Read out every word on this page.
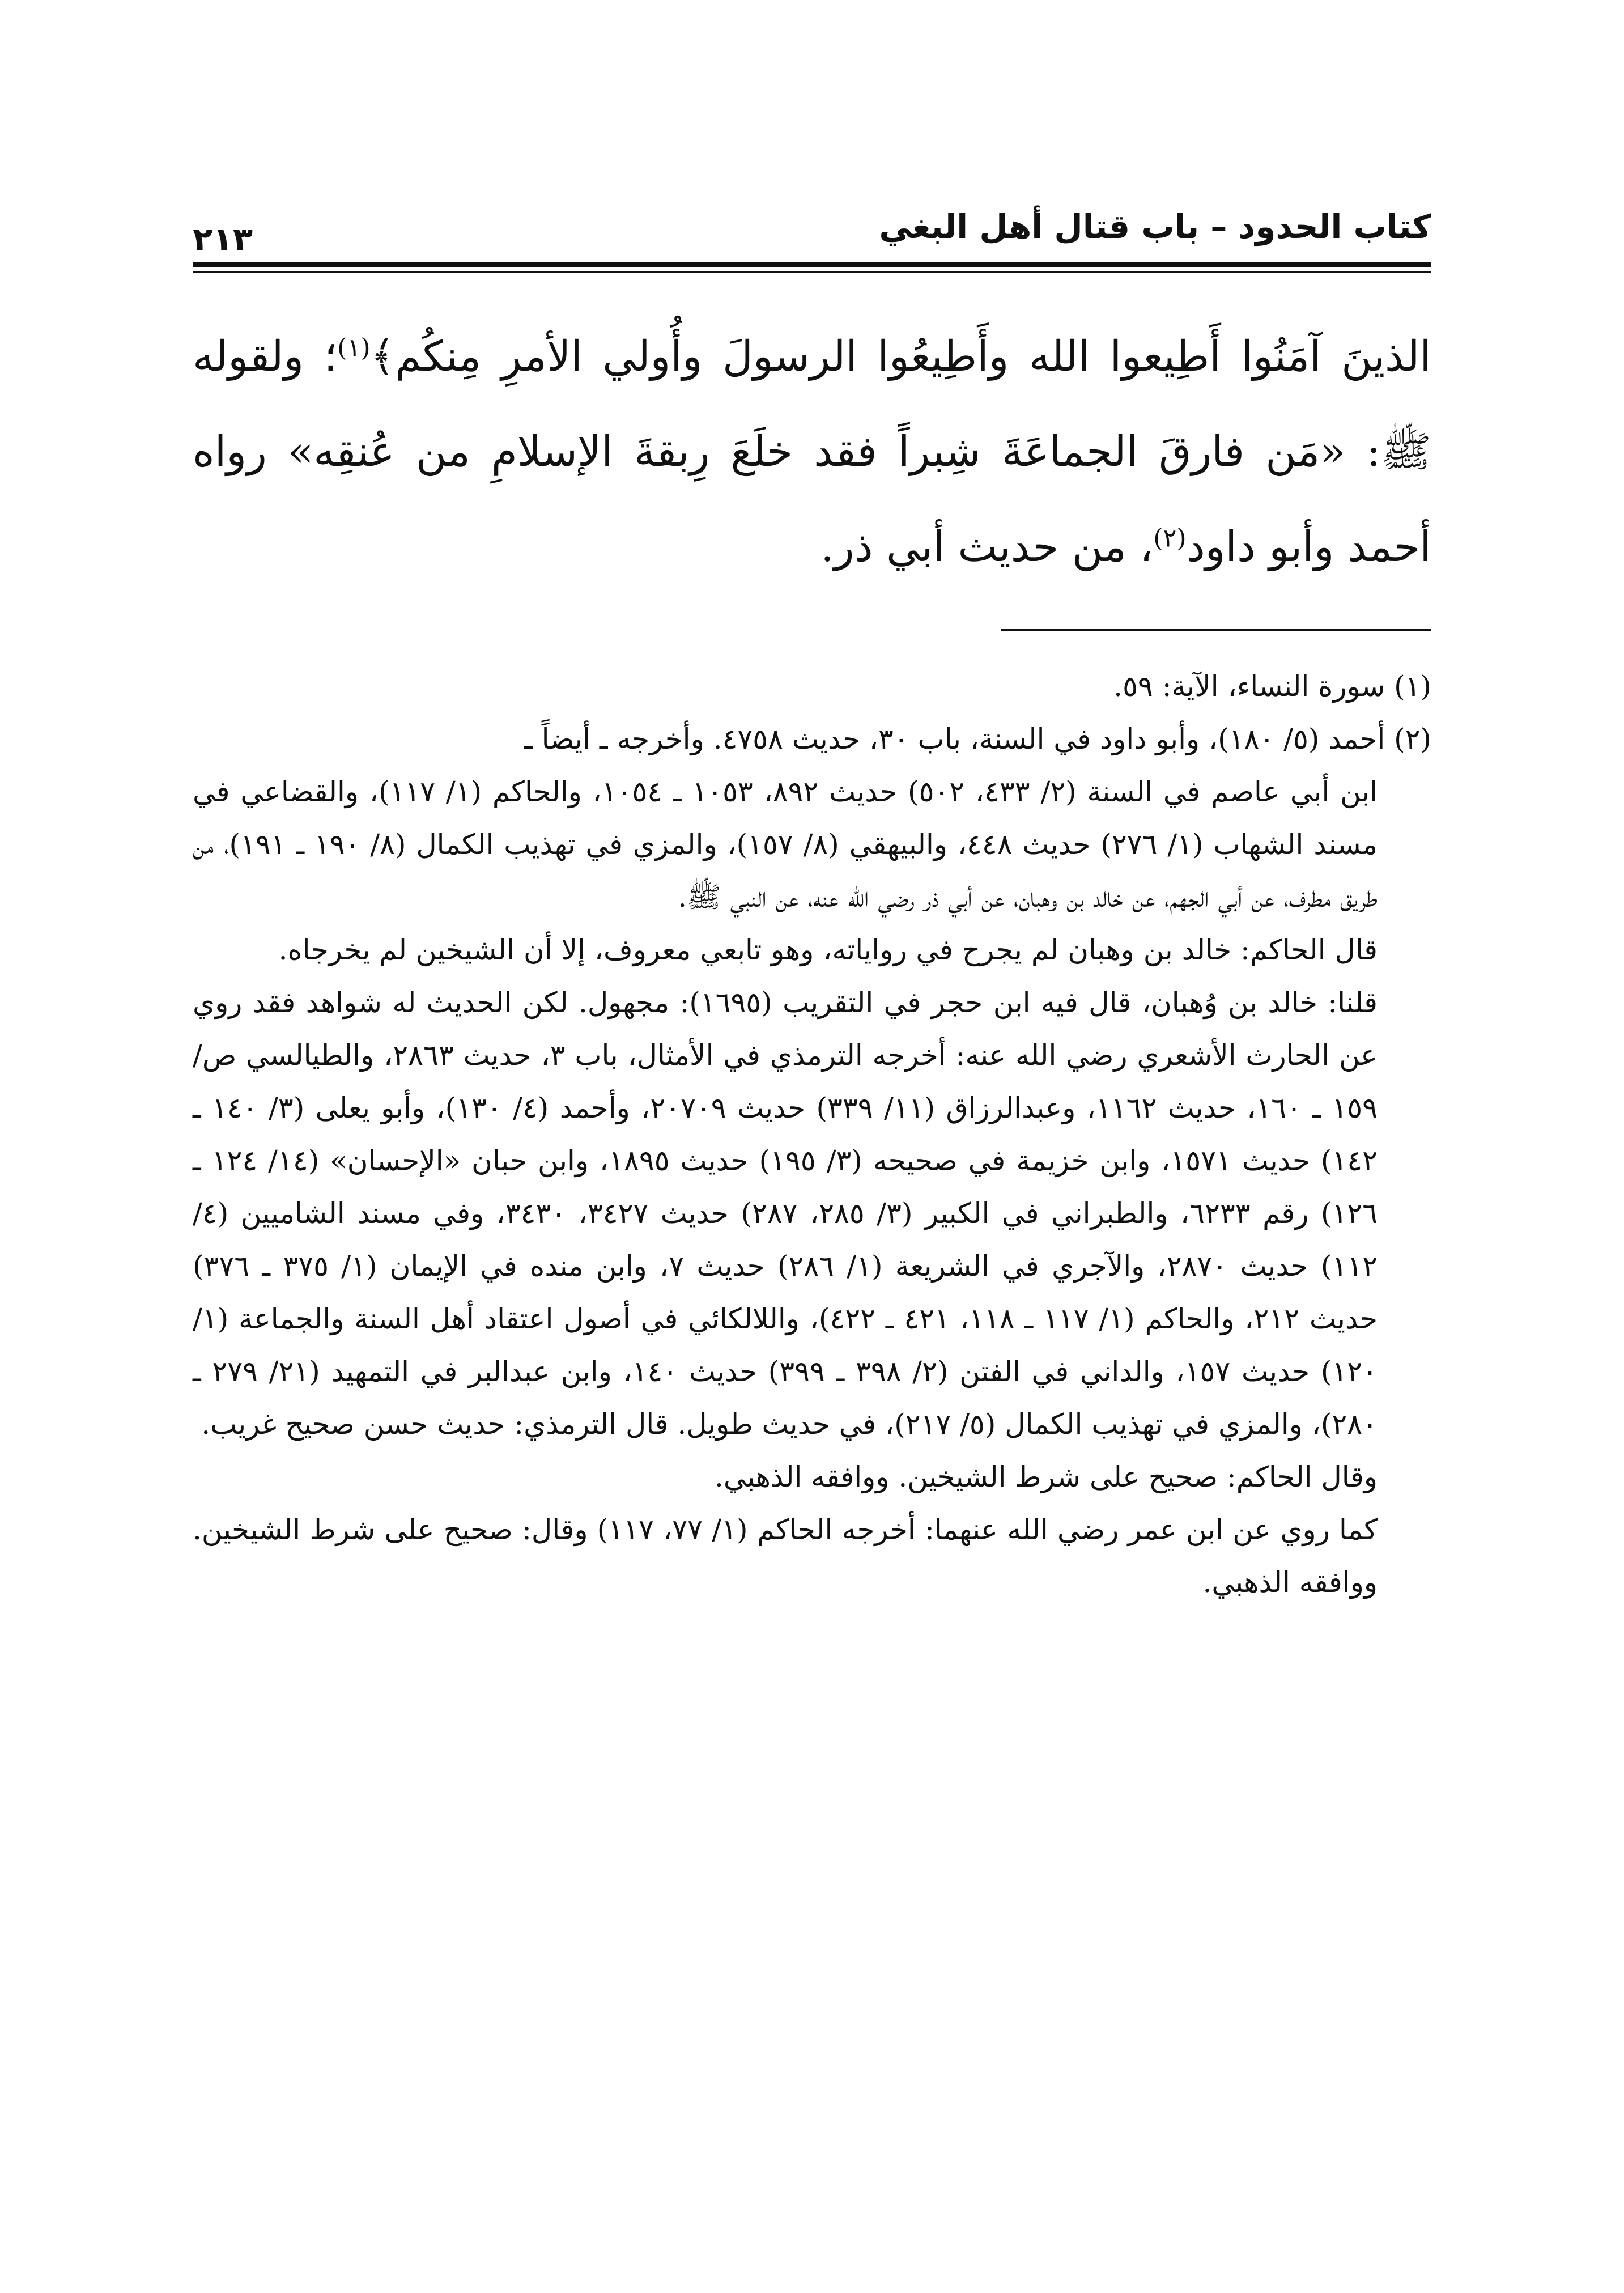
كتاب الحدود – باب قتال أهل البغي
٢١٣

الذينَ آمَنُوا أَطِيعوا الله وأَطِيعُوا الرسولَ وأُولي الأمرِ مِنكُم﴾$^{(١)}$؛ ولقوله ﷺ: «مَن فارقَ الجماعَةَ شِبراً فقد خلَعَ رِبقةَ الإسلامِ من عُنقِه» رواه أحمد وأبو داود$^{(٢)}$، من حديث أبي ذر.

(١) سورة النساء، الآية: ٥٩.

(٢) أحمد (٥/ ١٨٠)، وأبو داود في السنة، باب ٣٠، حديث ٤٧٥٨. وأخرجه ـ أيضاً ـ

ابن أبي عاصم في السنة (٢/ ٤٣٣، ٥٠٢) حديث ٨٩٢، ١٠٥٣ ـ ١٠٥٤، والحاكم (١/ ١١٧)، والقضاعي في مسند الشهاب (١/ ٢٧٦) حديث ٤٤٨، والبيهقي (٨/ ١٥٧)، والمزي في تهذيب الكمال (٨/ ١٩٠ ـ ١٩١)، من طريق مطرف، عن أبي الجهم، عن خالد بن وهبان، عن أبي ذر رضي الله عنه، عن النبي ﷺ.

قال الحاكم: خالد بن وهبان لم يجرح في رواياته، وهو تابعي معروف، إلا أن الشيخين لم يخرجاه.

قلنا: خالد بن وُهبان، قال فيه ابن حجر في التقريب (١٦٩٥): مجهول. لكن الحديث له شواهد فقد روي عن الحارث الأشعري رضي الله عنه: أخرجه الترمذي في الأمثال، باب ٣، حديث ٢٨٦٣، والطيالسي ص/ ١٥٩ ـ ١٦٠، حديث ١١٦٢، وعبدالرزاق (١١/ ٣٣٩) حديث ٢٠٧٠٩، وأحمد (٤/ ١٣٠)، وأبو يعلى (٣/ ١٤٠ ـ ١٤٢) حديث ١٥٧١، وابن خزيمة في صحيحه (٣/ ١٩٥) حديث ١٨٩٥، وابن حبان «الإحسان» (١٤/ ١٢٤ ـ ١٢٦) رقم ٦٢٣٣، والطبراني في الكبير (٣/ ٢٨٥، ٢٨٧) حديث ٣٤٢٧، ٣٤٣٠، وفي مسند الشاميين (٤/ ١١٢) حديث ٢٨٧٠، والآجري في الشريعة (١/ ٢٨٦) حديث ٧، وابن منده في الإيمان (١/ ٣٧٥ ـ ٣٧٦) حديث ٢١٢، والحاكم (١/ ١١٧ ـ ١١٨، ٤٢١ ـ ٤٢٢)، واللالكائي في أصول اعتقاد أهل السنة والجماعة (١/ ١٢٠) حديث ١٥٧، والداني في الفتن (٢/ ٣٩٨ ـ ٣٩٩) حديث ١٤٠، وابن عبدالبر في التمهيد (٢١/ ٢٧٩ ـ ٢٨٠)، والمزي في تهذيب الكمال (٥/ ٢١٧)، في حديث طويل. قال الترمذي: حديث حسن صحيح غريب.

وقال الحاكم: صحيح على شرط الشيخين. ووافقه الذهبي.

كما روي عن ابن عمر رضي الله عنهما: أخرجه الحاكم (١/ ٧٧، ١١٧) وقال: صحيح على شرط الشيخين. ووافقه الذهبي.
